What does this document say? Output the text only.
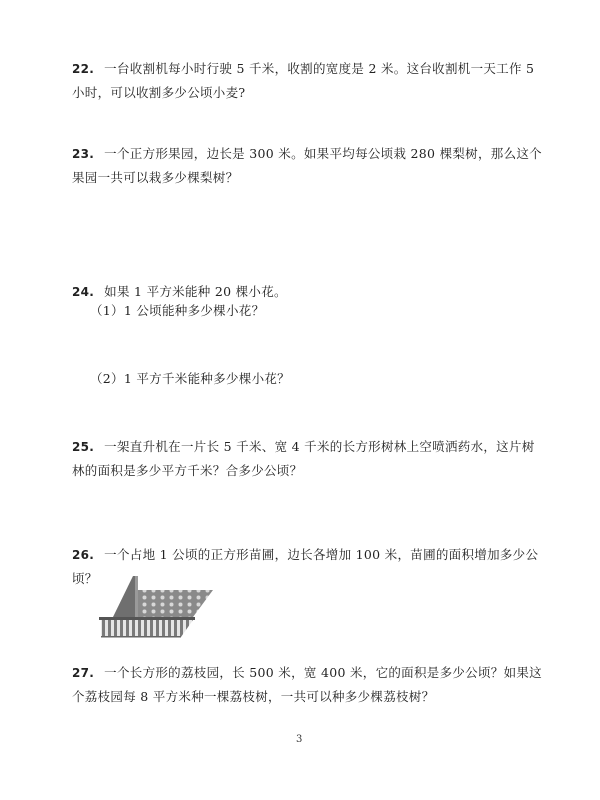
22. 一台收割机每小时行驶 5 千米，收割的宽度是 2 米。这台收割机一天工作 5 小时，可以收割多少公顷小麦?
23. 一个正方形果园，边长是 300 米。如果平均每公顷栽 280 棵梨树，那么这个果园一共可以栽多少棵梨树？
24. 如果 1 平方米能种 20 棵小花。
（1）1 公顷能种多少棵小花？
（2）1 平方千米能种多少棵小花？
25. 一架直升机在一片长 5 千米、宽 4 千米的长方形树林上空喷洒药水，这片树林的面积是多少平方千米？合多少公顷？
26. 一个占地 1 公顷的正方形苗圃，边长各增加 100 米，苗圃的面积增加多少公顷？
27. 一个长方形的荔枝园，长 500 米，宽 400 米，它的面积是多少公顷？如果这个荔枝园每 8 平方米种一棵荔枝树，一共可以种多少棵荔枝树？
3
